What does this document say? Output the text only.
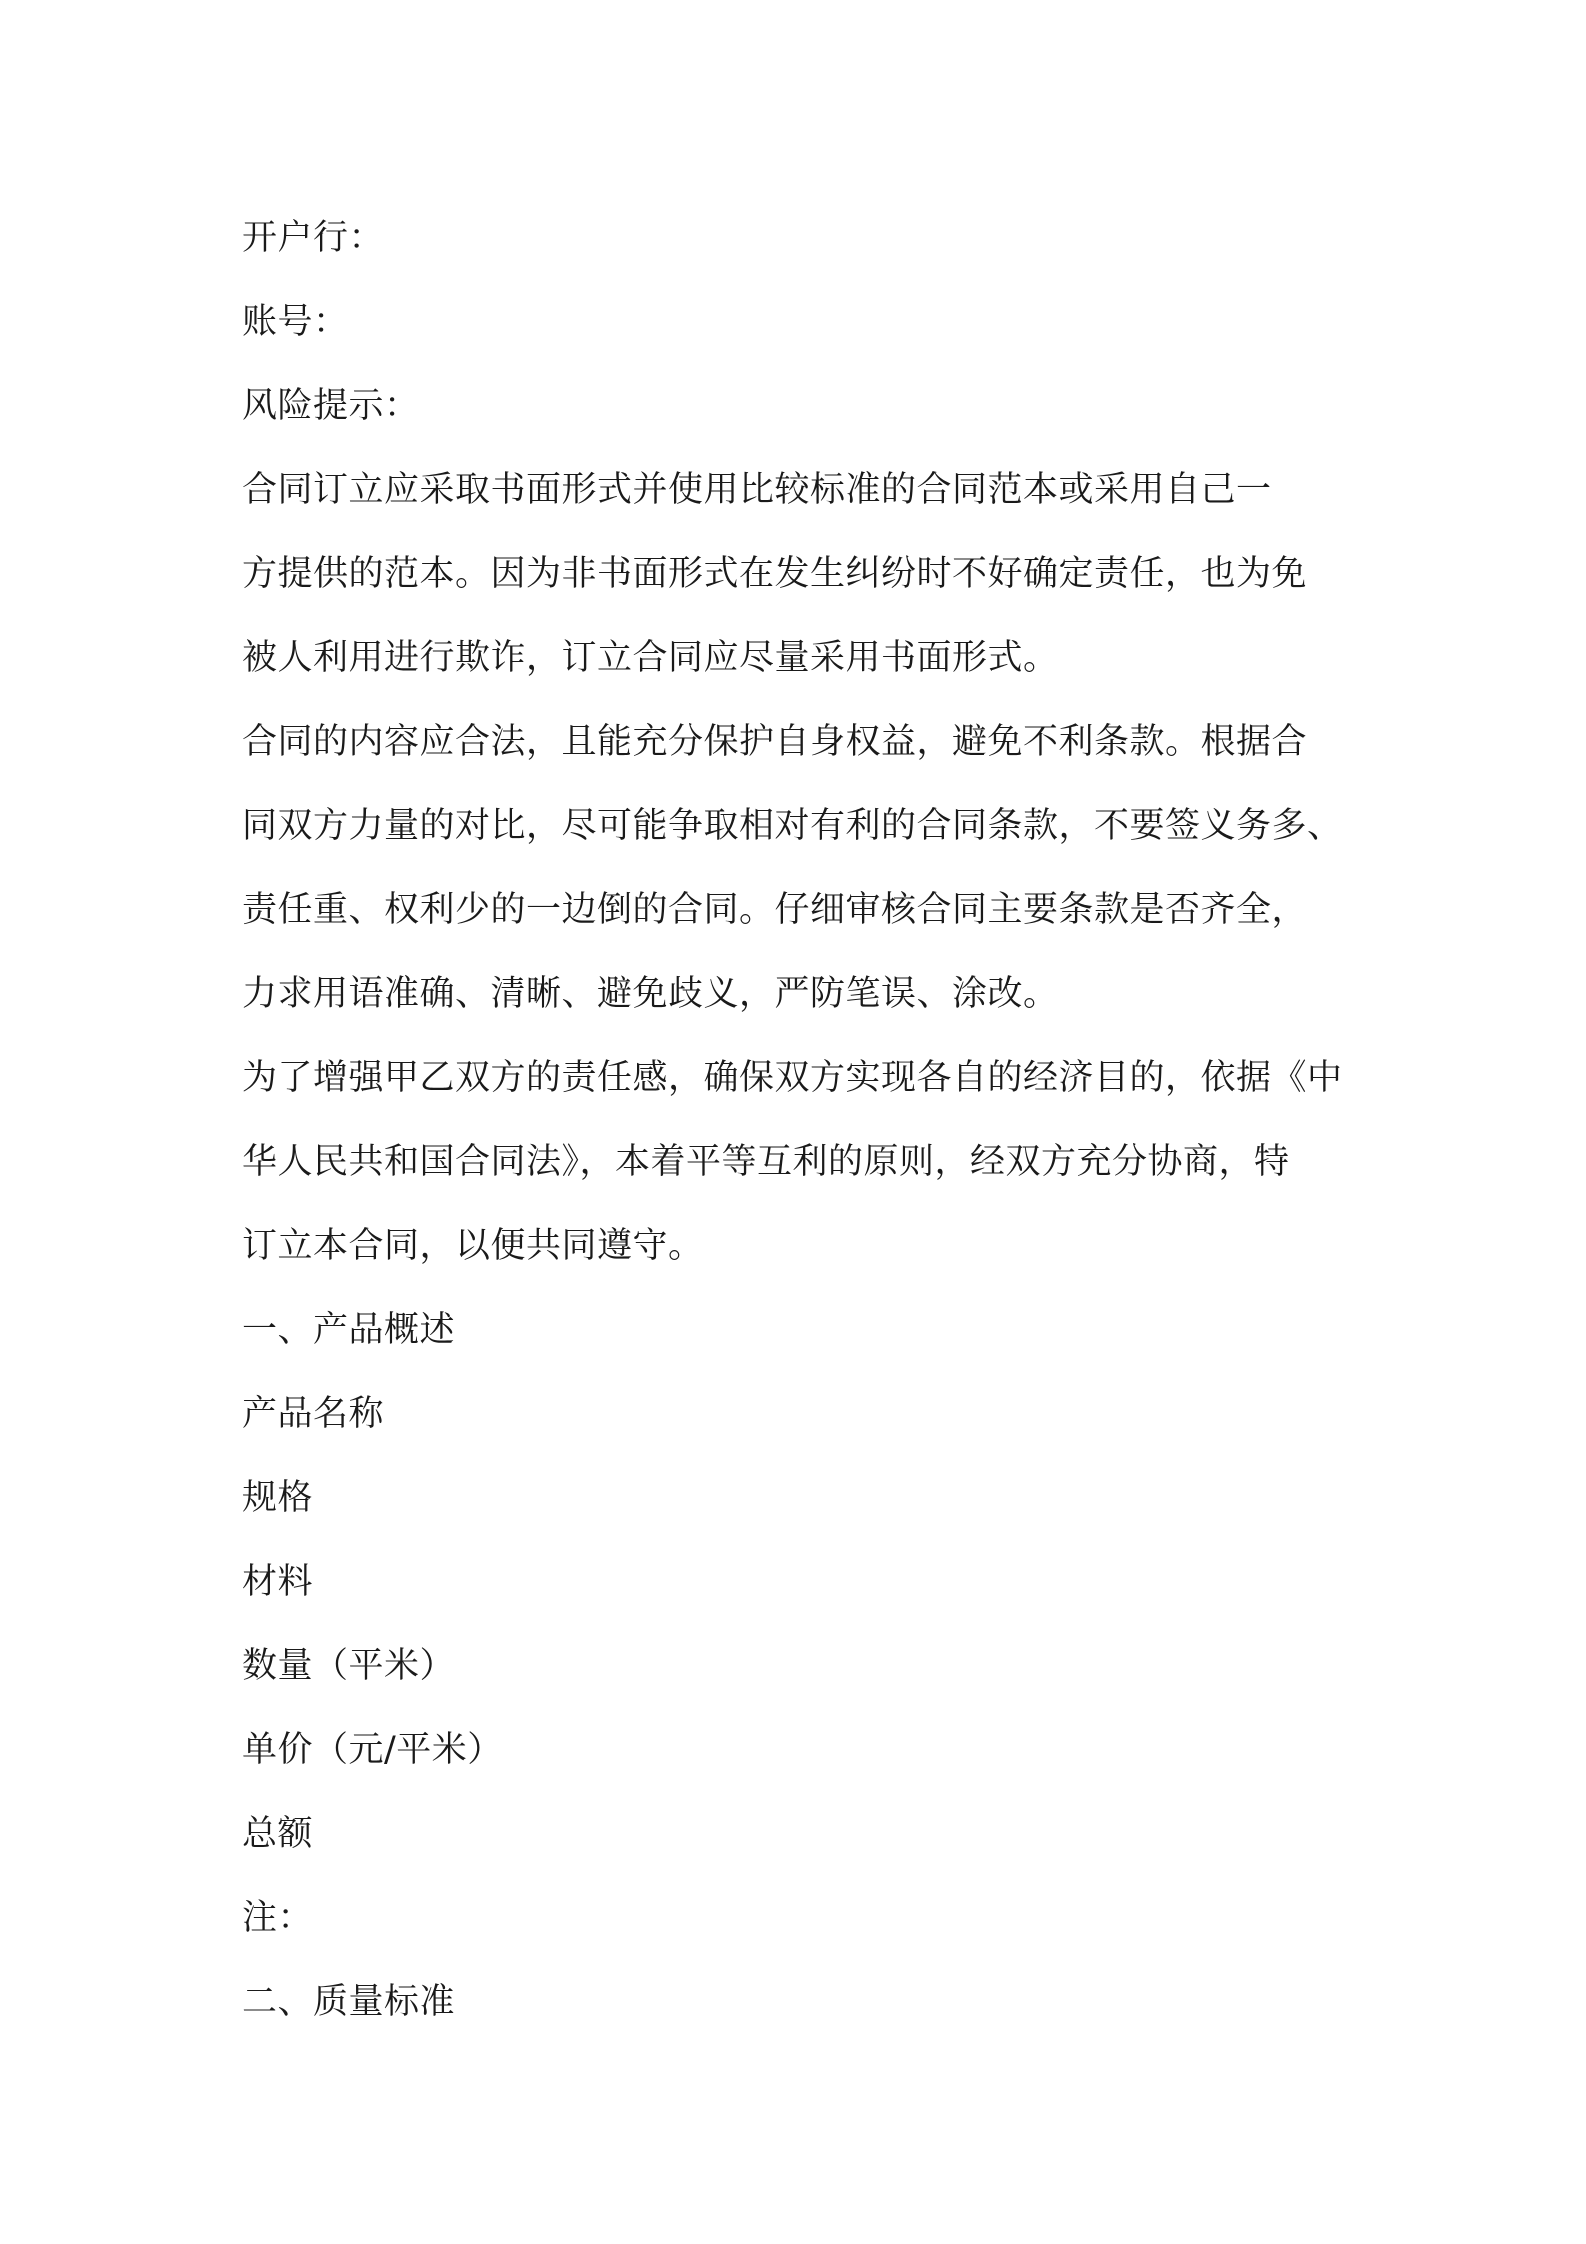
开户行：
账号：
风险提示：
合同订立应采取书面形式并使用比较标准的合同范本或采用自己一
方提供的范本。因为非书面形式在发生纠纷时不好确定责任，也为免
被人利用进行欺诈，订立合同应尽量采用书面形式。
合同的内容应合法，且能充分保护自身权益，避免不利条款。根据合
同双方力量的对比，尽可能争取相对有利的合同条款，不要签义务多、
责任重、权利少的一边倒的合同。仔细审核合同主要条款是否齐全，
力求用语准确、清晰、避免歧义，严防笔误、涂改。
为了增强甲乙双方的责任感，确保双方实现各自的经济目的，依据《中
华人民共和国合同法》，本着平等互利的原则，经双方充分协商，特
订立本合同，以便共同遵守。
一、产品概述
产品名称
规格
材料
数量（平米）
单价（元/平米）
总额
注：
二、质量标准
